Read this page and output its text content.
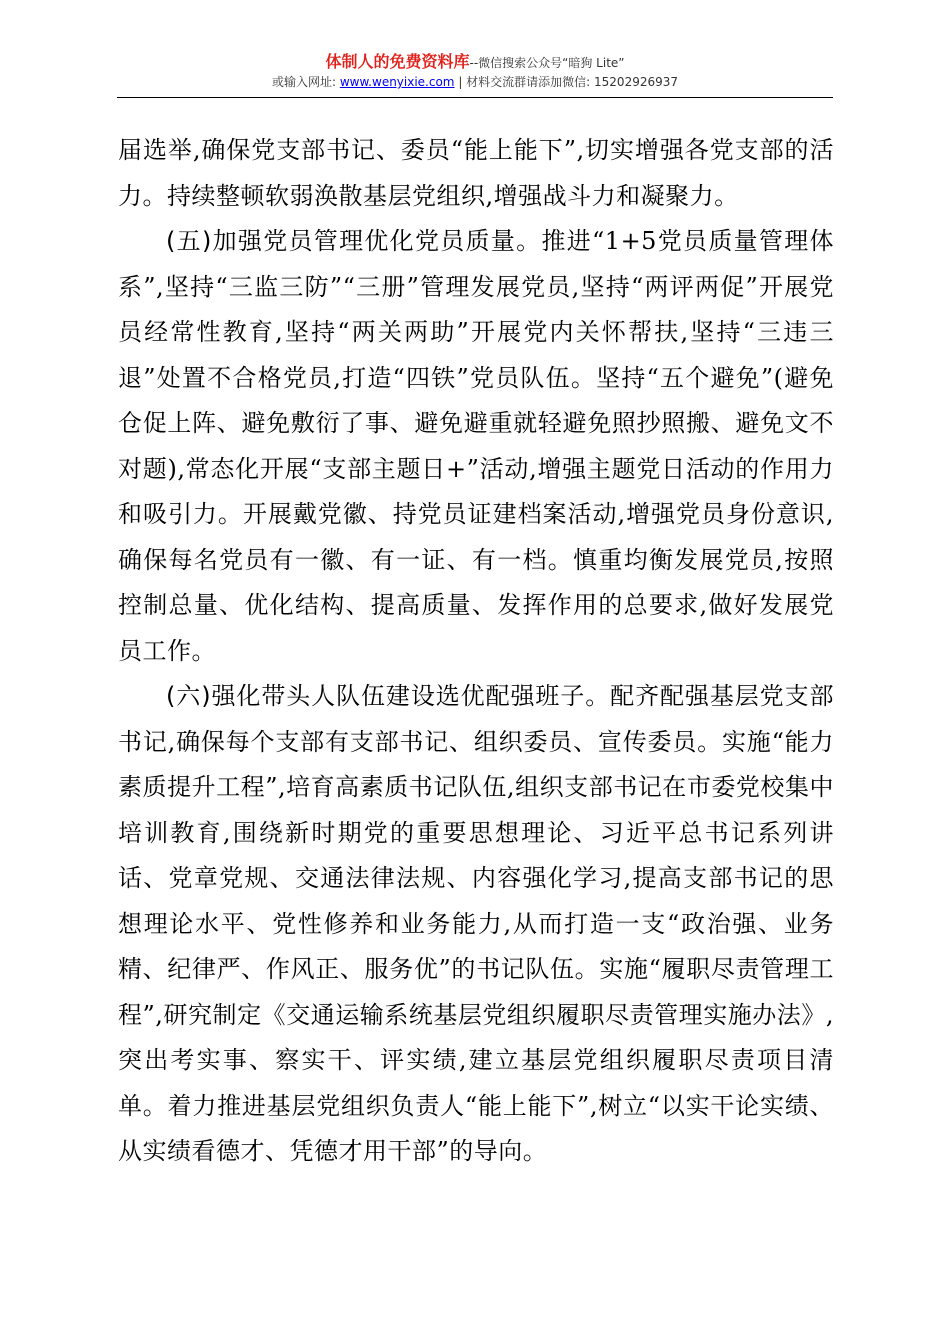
体制人的免费资料库--微信搜索公众号“暗狗 Lite”
或输入网址: www.wenyixie.com | 材料交流群请添加微信: 15202926937

届选举,确保党支部书记、委员“能上能下”,切实增强各党支部的活力。持续整顿软弱涣散基层党组织,增强战斗力和凝聚力。

(五)加强党员管理优化党员质量。推进“1+5党员质量管理体系”,坚持“三监三防”“三册”管理发展党员,坚持“两评两促”开展党员经常性教育,坚持“两关两助”开展党内关怀帮扶,坚持“三违三退”处置不合格党员,打造“四铁”党员队伍。坚持“五个避免”(避免仓促上阵、避免敷衍了事、避免避重就轻避免照抄照搬、避免文不对题),常态化开展“支部主题日+”活动,增强主题党日活动的作用力和吸引力。开展戴党徽、持党员证建档案活动,增强党员身份意识,确保每名党员有一徽、有一证、有一档。慎重均衡发展党员,按照控制总量、优化结构、提高质量、发挥作用的总要求,做好发展党员工作。

(六)强化带头人队伍建设选优配强班子。配齐配强基层党支部书记,确保每个支部有支部书记、组织委员、宣传委员。实施“能力素质提升工程”,培育高素质书记队伍,组织支部书记在市委党校集中培训教育,围绕新时期党的重要思想理论、习近平总书记系列讲话、党章党规、交通法律法规、内容强化学习,提高支部书记的思想理论水平、党性修养和业务能力,从而打造一支“政治强、业务精、纪律严、作风正、服务优”的书记队伍。实施“履职尽责管理工程”,研究制定《交通运输系统基层党组织履职尽责管理实施办法》,突出考实事、察实干、评实绩,建立基层党组织履职尽责项目清单。着力推进基层党组织负责人“能上能下”,树立“以实干论实绩、从实绩看德才、凭德才用干部”的导向。
